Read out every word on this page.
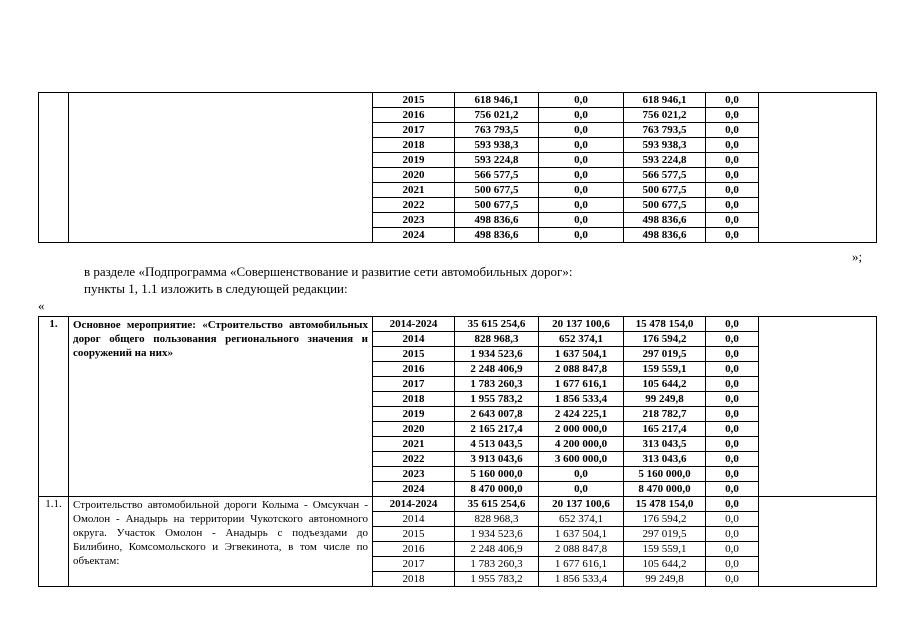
		2015	618 946,1	0,0	618 946,1	0,0	
		2016	756 021,2	0,0	756 021,2	0,0	
		2017	763 793,5	0,0	763 793,5	0,0	
		2018	593 938,3	0,0	593 938,3	0,0	
		2019	593 224,8	0,0	593 224,8	0,0	
		2020	566 577,5	0,0	566 577,5	0,0	
		2021	500 677,5	0,0	500 677,5	0,0	
		2022	500 677,5	0,0	500 677,5	0,0	
		2023	498 836,6	0,0	498 836,6	0,0	
		2024	498 836,6	0,0	498 836,6	0,0	
»;
в разделе «Подпрограмма «Совершенствование и развитие сети автомобильных дорог»:
пункты 1, 1.1 изложить в следующей редакции:
«
1.	Основное мероприятие: «Строительство автомобильных дорог общего пользования регионального значения и сооружений на них»	2014-2024	35 615 254,6	20 137 100,6	15 478 154,0	0,0	
		2014	828 968,3	652 374,1	176 594,2	0,0	
		2015	1 934 523,6	1 637 504,1	297 019,5	0,0	
		2016	2 248 406,9	2 088 847,8	159 559,1	0,0	
		2017	1 783 260,3	1 677 616,1	105 644,2	0,0	
		2018	1 955 783,2	1 856 533,4	99 249,8	0,0	
		2019	2 643 007,8	2 424 225,1	218 782,7	0,0	
		2020	2 165 217,4	2 000 000,0	165 217,4	0,0	
		2021	4 513 043,5	4 200 000,0	313 043,5	0,0	
		2022	3 913 043,6	3 600 000,0	313 043,6	0,0	
		2023	5 160 000,0	0,0	5 160 000,0	0,0	
		2024	8 470 000,0	0,0	8 470 000,0	0,0	
1.1.	Строительство автомобильной дороги Колыма - Омсукчан - Омолон - Анадырь на территории Чукотского автономного округа. Участок Омолон - Анадырь с подъездами до Билибино, Комсомольского и Эгвекинота, в том числе по объектам:	2014-2024	35 615 254,6	20 137 100,6	15 478 154,0	0,0	
		2014	828 968,3	652 374,1	176 594,2	0,0	
		2015	1 934 523,6	1 637 504,1	297 019,5	0,0	
		2016	2 248 406,9	2 088 847,8	159 559,1	0,0	
		2017	1 783 260,3	1 677 616,1	105 644,2	0,0	
		2018	1 955 783,2	1 856 533,4	99 249,8	0,0	
